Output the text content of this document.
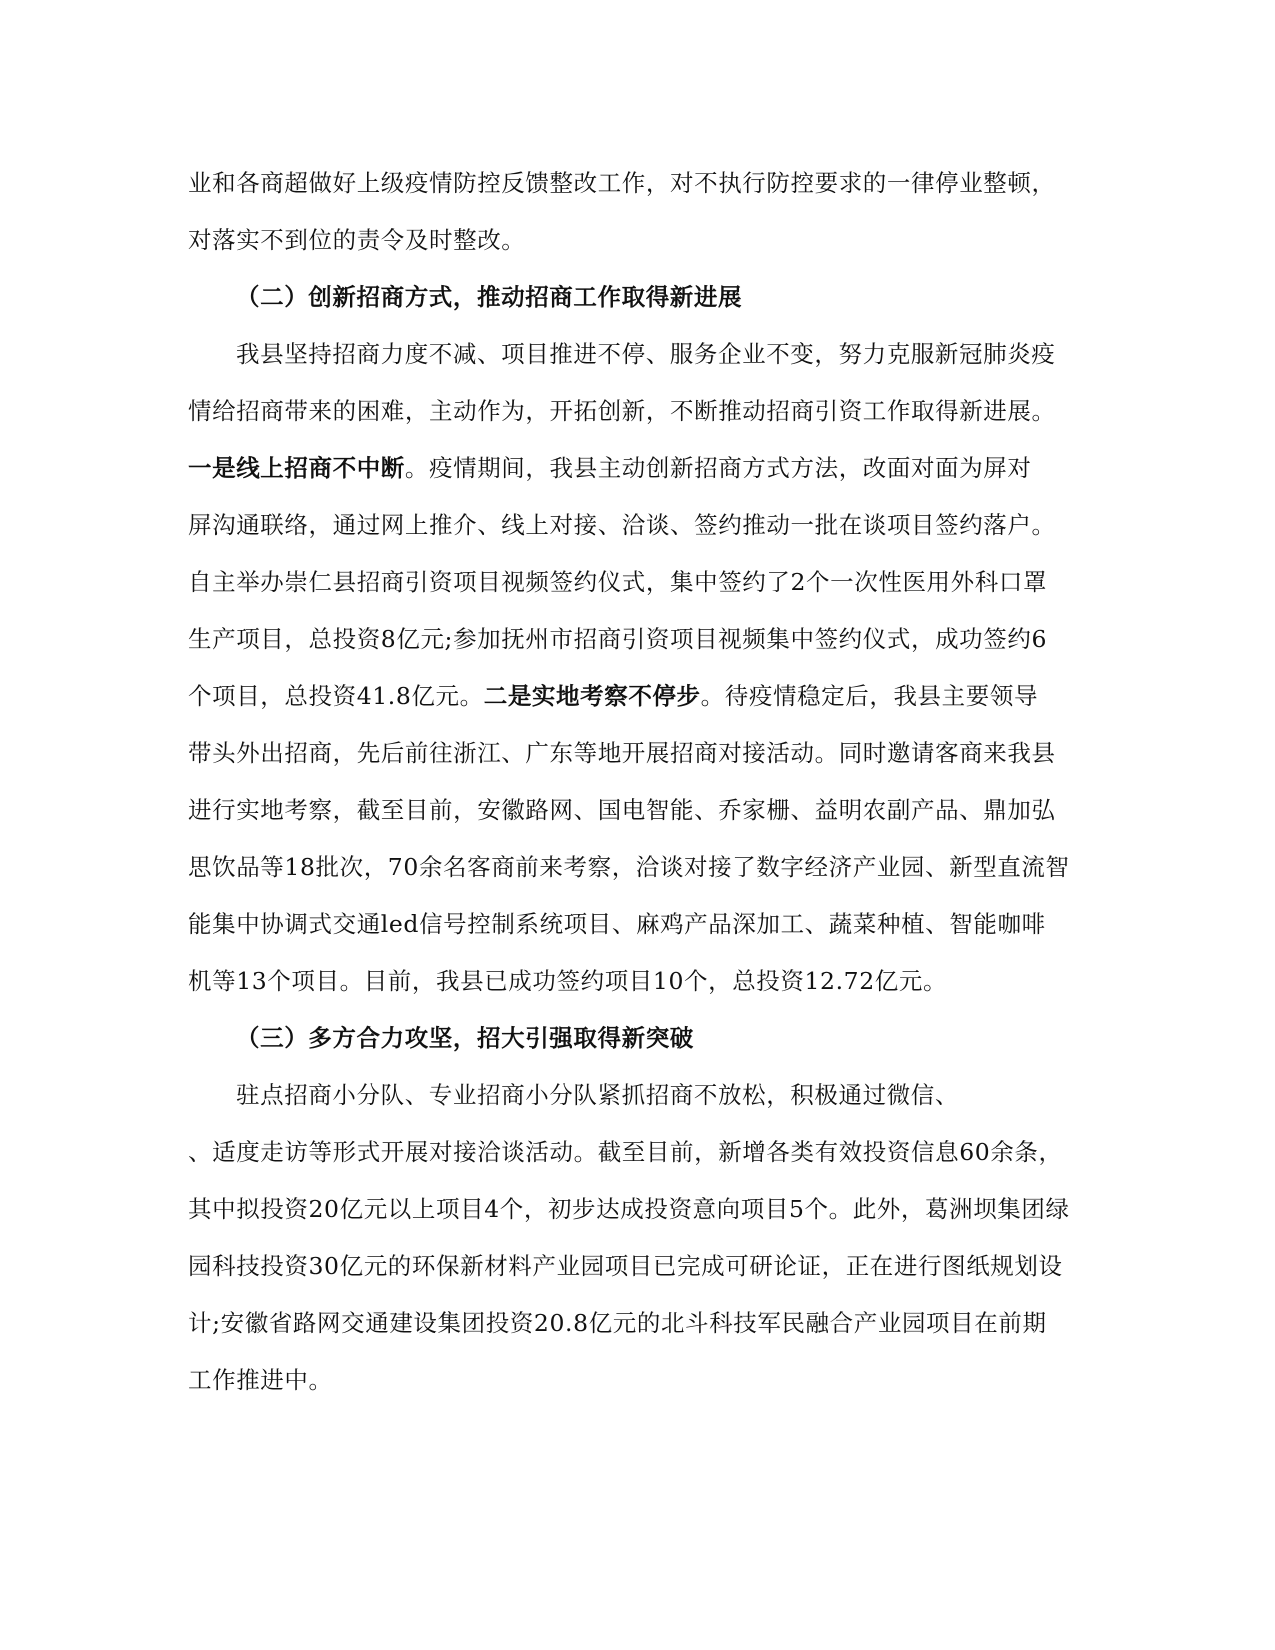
业和各商超做好上级疫情防控反馈整改工作，对不执行防控要求的一律停业整顿，
对落实不到位的责令及时整改。
（二）创新招商方式，推动招商工作取得新进展
我县坚持招商力度不减、项目推进不停、服务企业不变，努力克服新冠肺炎疫
情给招商带来的困难，主动作为，开拓创新，不断推动招商引资工作取得新进展。
一是线上招商不中断。疫情期间，我县主动创新招商方式方法，改面对面为屏对
屏沟通联络，通过网上推介、线上对接、洽谈、签约推动一批在谈项目签约落户。
自主举办崇仁县招商引资项目视频签约仪式，集中签约了2个一次性医用外科口罩
生产项目，总投资8亿元;参加抚州市招商引资项目视频集中签约仪式，成功签约6
个项目，总投资41.8亿元。二是实地考察不停步。待疫情稳定后，我县主要领导
带头外出招商，先后前往浙江、广东等地开展招商对接活动。同时邀请客商来我县
进行实地考察，截至目前，安徽路网、国电智能、乔家栅、益明农副产品、鼎加弘
思饮品等18批次，70余名客商前来考察，洽谈对接了数字经济产业园、新型直流智
能集中协调式交通led信号控制系统项目、麻鸡产品深加工、蔬菜种植、智能咖啡
机等13个项目。目前，我县已成功签约项目10个，总投资12.72亿元。
（三）多方合力攻坚，招大引强取得新突破
驻点招商小分队、专业招商小分队紧抓招商不放松，积极通过微信、
、适度走访等形式开展对接洽谈活动。截至目前，新增各类有效投资信息60余条，
其中拟投资20亿元以上项目4个，初步达成投资意向项目5个。此外，葛洲坝集团绿
园科技投资30亿元的环保新材料产业园项目已完成可研论证，正在进行图纸规划设
计;安徽省路网交通建设集团投资20.8亿元的北斗科技军民融合产业园项目在前期
工作推进中。
